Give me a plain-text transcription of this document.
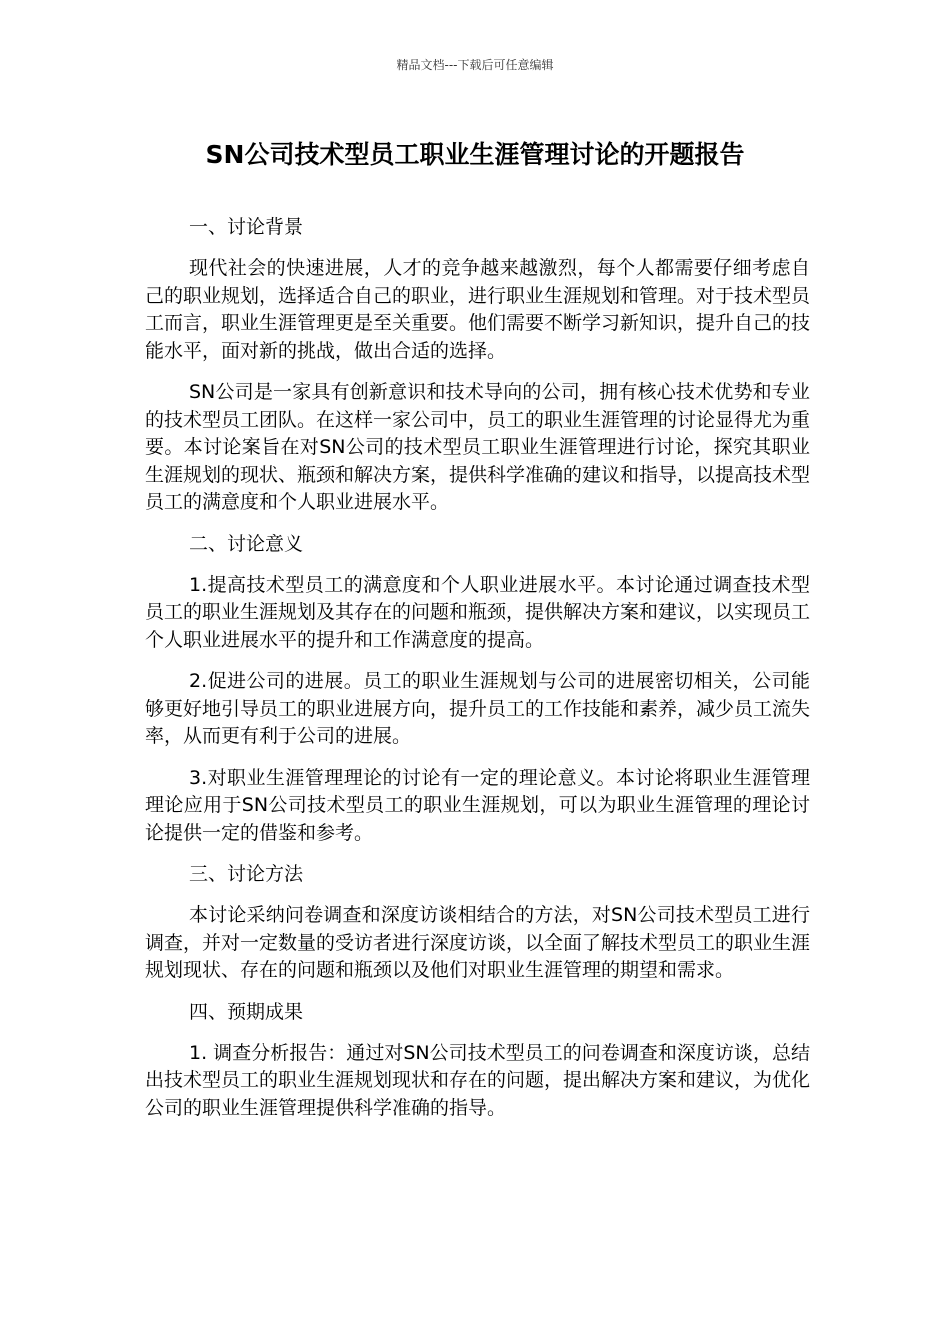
精品文档---下载后可任意编辑
SN公司技术型员工职业生涯管理讨论的开题报告
一、讨论背景

现代社会的快速进展，人才的竞争越来越激烈，每个人都需要仔细考虑自己的职业规划，选择适合自己的职业，进行职业生涯规划和管理。对于技术型员工而言，职业生涯管理更是至关重要。他们需要不断学习新知识，提升自己的技能水平，面对新的挑战，做出合适的选择。

SN公司是一家具有创新意识和技术导向的公司，拥有核心技术优势和专业的技术型员工团队。在这样一家公司中，员工的职业生涯管理的讨论显得尤为重要。本讨论案旨在对SN公司的技术型员工职业生涯管理进行讨论，探究其职业生涯规划的现状、瓶颈和解决方案，提供科学准确的建议和指导，以提高技术型员工的满意度和个人职业进展水平。

二、讨论意义

1.提高技术型员工的满意度和个人职业进展水平。本讨论通过调查技术型员工的职业生涯规划及其存在的问题和瓶颈，提供解决方案和建议，以实现员工个人职业进展水平的提升和工作满意度的提高。

2.促进公司的进展。员工的职业生涯规划与公司的进展密切相关，公司能够更好地引导员工的职业进展方向，提升员工的工作技能和素养，减少员工流失率，从而更有利于公司的进展。

3.对职业生涯管理理论的讨论有一定的理论意义。本讨论将职业生涯管理理论应用于SN公司技术型员工的职业生涯规划，可以为职业生涯管理的理论讨论提供一定的借鉴和参考。

三、讨论方法

本讨论采纳问卷调查和深度访谈相结合的方法，对SN公司技术型员工进行调查，并对一定数量的受访者进行深度访谈，以全面了解技术型员工的职业生涯规划现状、存在的问题和瓶颈以及他们对职业生涯管理的期望和需求。

四、预期成果

1. 调查分析报告：通过对SN公司技术型员工的问卷调查和深度访谈，总结出技术型员工的职业生涯规划现状和存在的问题，提出解决方案和建议，为优化公司的职业生涯管理提供科学准确的指导。
